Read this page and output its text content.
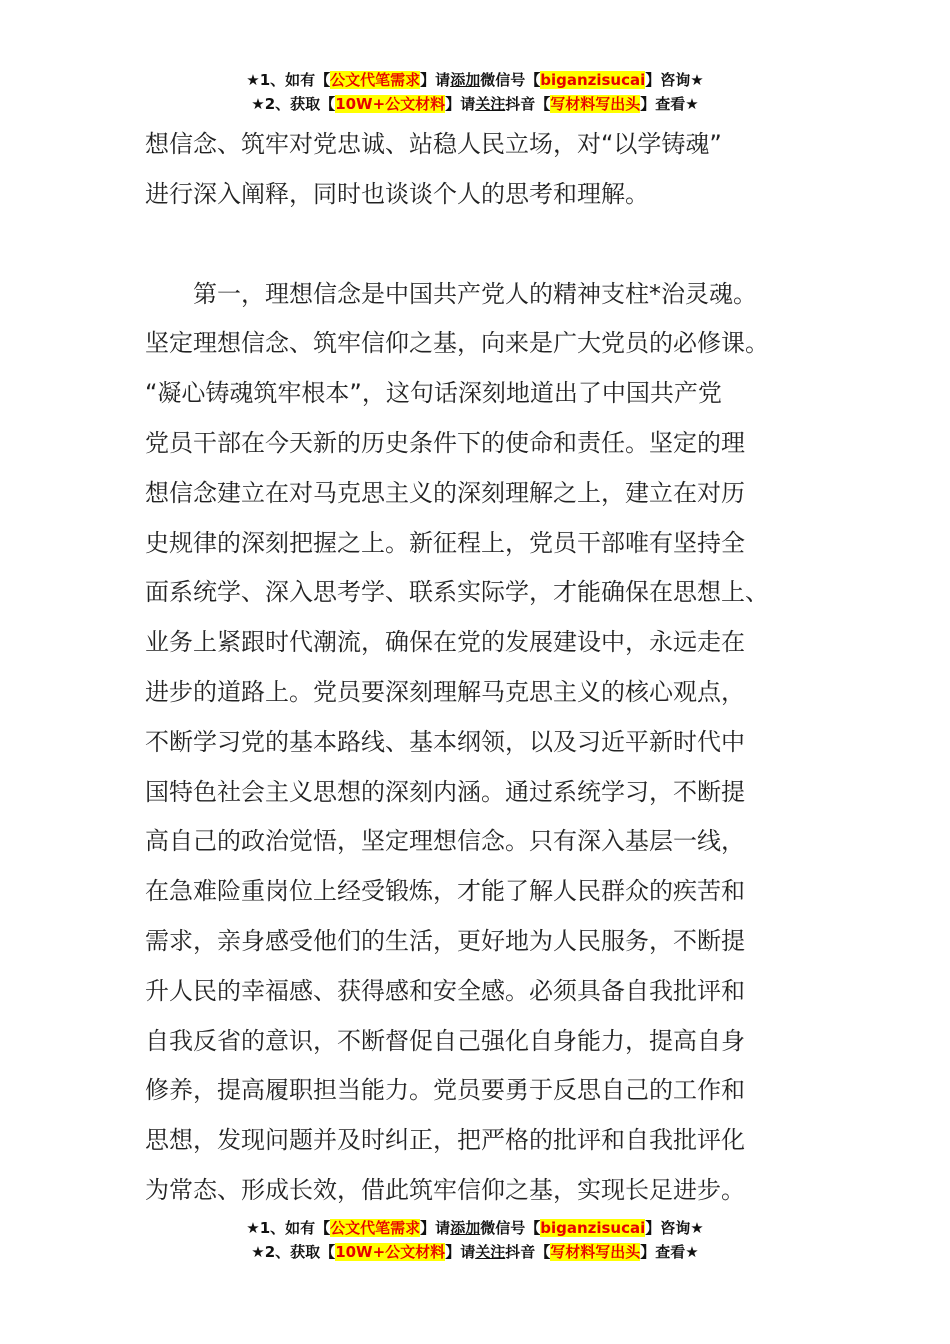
★1、如有【公文代笔需求】请添加微信号【biganzisucai】咨询★
★2、获取【10W+公文材料】请关注抖音【写材料写出头】查看★

想信念、筑牢对党忠诚、站稳人民立场，对“以学铸魂”

进行深入阐释，同时也谈谈个人的思考和理解。

第一，理想信念是中国共产党人的精神支柱*治灵魂。

坚定理想信念、筑牢信仰之基，向来是广大党员的必修课。

“凝心铸魂筑牢根本”，这句话深刻地道出了中国共产党

党员干部在今天新的历史条件下的使命和责任。坚定的理

想信念建立在对马克思主义的深刻理解之上，建立在对历

史规律的深刻把握之上。新征程上，党员干部唯有坚持全

面系统学、深入思考学、联系实际学，才能确保在思想上、

业务上紧跟时代潮流，确保在党的发展建设中，永远走在

进步的道路上。党员要深刻理解马克思主义的核心观点，

不断学习党的基本路线、基本纲领，以及习近平新时代中

国特色社会主义思想的深刻内涵。通过系统学习，不断提

高自己的政治觉悟，坚定理想信念。只有深入基层一线，

在急难险重岗位上经受锻炼，才能了解人民群众的疾苦和

需求，亲身感受他们的生活，更好地为人民服务，不断提

升人民的幸福感、获得感和安全感。必须具备自我批评和

自我反省的意识，不断督促自己强化自身能力，提高自身

修养，提高履职担当能力。党员要勇于反思自己的工作和

思想，发现问题并及时纠正，把严格的批评和自我批评化

为常态、形成长效，借此筑牢信仰之基，实现长足进步。

★1、如有【公文代笔需求】请添加微信号【biganzisucai】咨询★
★2、获取【10W+公文材料】请关注抖音【写材料写出头】查看★
